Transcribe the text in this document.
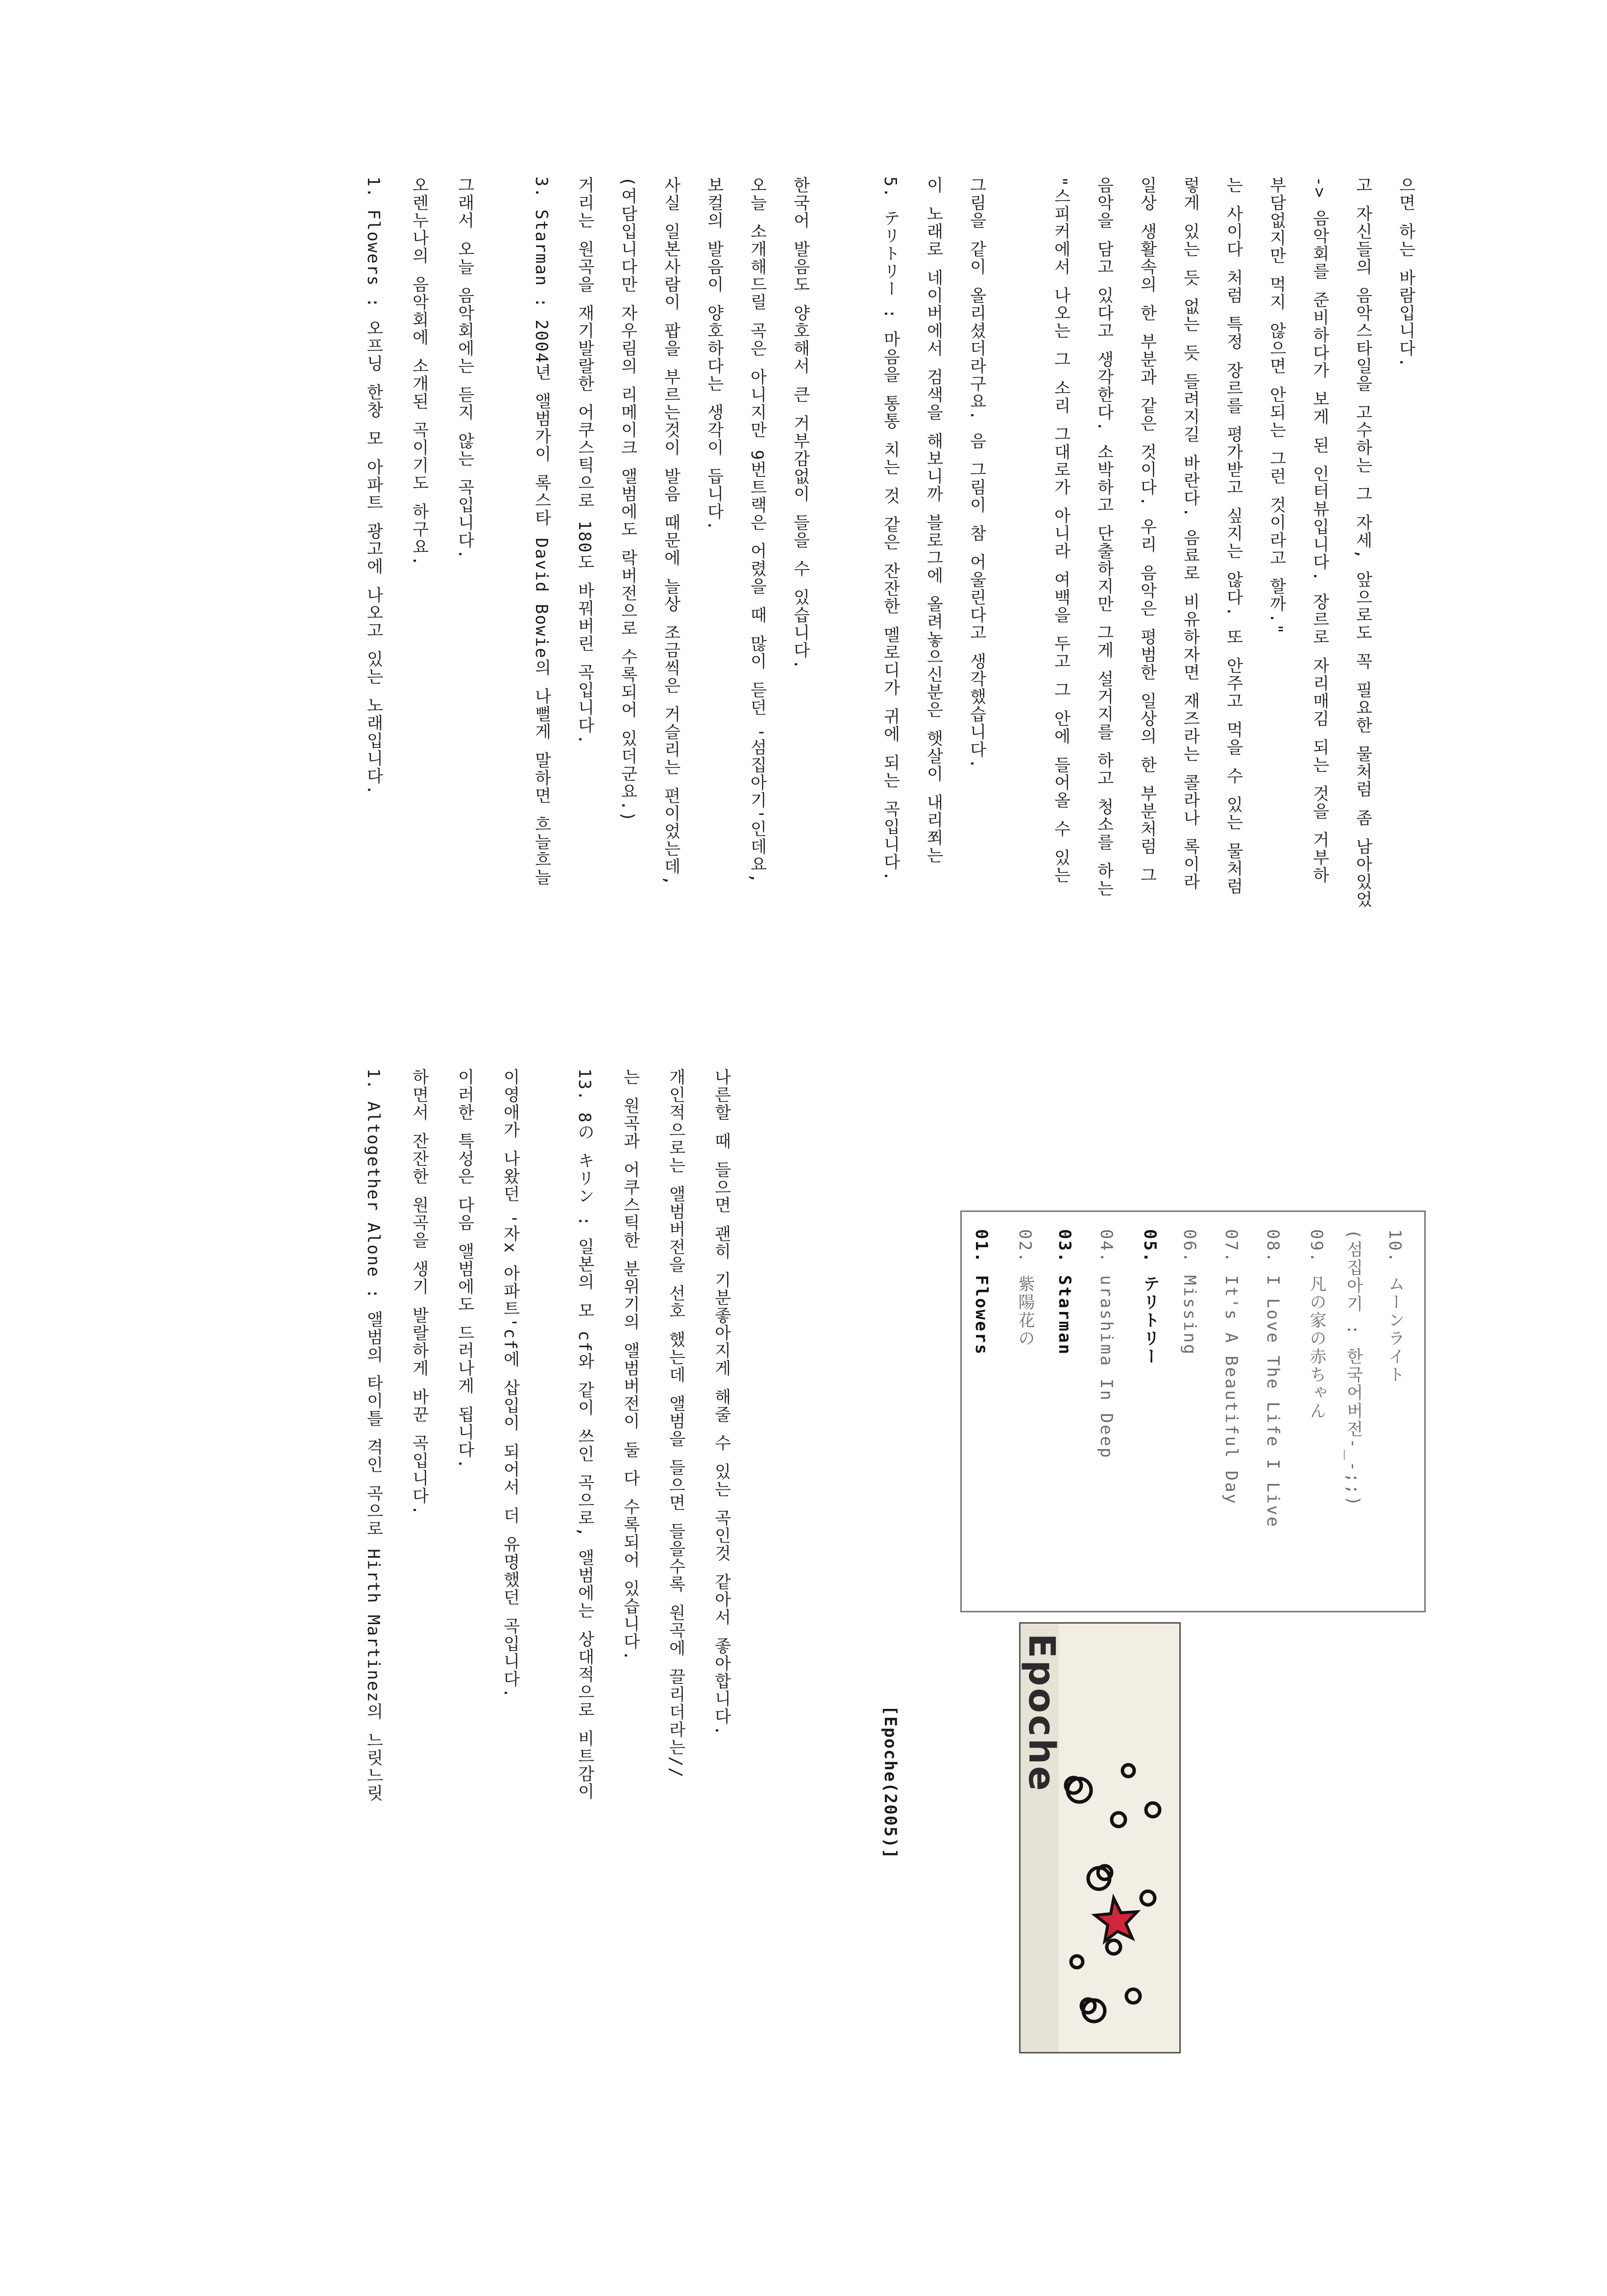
1. Altogether Alone : 앨범의 타이틀 격인 곡으로 Hirth Martinez의 느릿느릿 하면서 잔잔한 원곡을 생기 발랄하게 바꾼 곡입니다. 이러한 특성은 다음 앨범에도 드러나게 됩니다. 이영애가 나왔던 '자x 아파트'cf에 삽입이 되어서 더 유명했던 곡입니다.	13. 8の キリン : 일본의 모 cf와 같이 쓰인 곡으로, 앨범에는 상대적으로 비트감이 는 원곡과 어쿠스틱한 분위기의 앨범버전이 둘 다 수록되어 있습니다. 개인적으로는 앨범버전을 선호 했는데 앨범을 들으면 들을수록 원곡에 끌리더라는// 나른할 때 들으면 괜히 기분좋아지게 해줄 수 있는 곡인것 같아서 좋아합니다.
[Epoche(2005)]	Epoche
01. Flowers 02. 紫陽花の 03. Starman 04. urashima In Deep 05. テリトリー 06. Missing 07. It's A Beautiful Day 08. I Love The Life I Live 09. 凡の家の赤ちゃん (섬집아기 : 한국어버전-_-;;) 10. ムーンライト
1. Flowers : 오프닝 한창 모 아파트 광고에 나오고 있는 노래입니다. 오렌누나의 음악회에 소개된 곡이기도 하구요. 그래서 오늘 음악회에는 듣지 않는 곡입니다.	3. Starman : 2004년 앨범가이 록스타 David Bowie의 나뻘게 말하면 흐늘흐늘 거리는 원곡을 재기발랄한 어쿠스틱으로 180도 바꿔버린 곡입니다. (여담입니다만 자우림의 리메이크 앨범에도 락버전으로 수록되어 있더군요.) 사실 일본사람이 팝을 부르는것이 발음 때문에 늘상 조금씩은 거슬리는 편이었는데, 보컬의 발음이 양호하다는 생각이 듭니다. 오늘 소개해드릴 곡은 아니지만 9번트랙은 어렸을 때 많이 듣던 '섬집아기'인데요, 한국어 발음도 양호해서 큰 거부감없이 들을 수 있습니다.	5. テリトリー : 마음을 통통 치는 것 같은 잔잔한 멜로디가 귀에 되는 곡입니다. 이 노래로 네이버에서 검색을 해보니까 블로그에 올려놓으신분은 햇살이 내리쬐는 그림을 같이 올리셨더라구요. 음 그림이 참 어울린다고 생각했습니다.	"스피커에서 나오는 그 소리 그대로가 아니라 여백을 두고 그 안에 들어올 수 있는 음악을 담고 있다고 생각한다. 소박하고 단출하지만 그게 설거지를 하고 청소를 하는 일상 생활속의 한 부분과 같은 것이다. 우리 음악은 평범한 일상의 한 부분처럼 그 렇게 있는 듯 없는 듯 들려지길 바란다. 음료로 비유하자면 재즈라는 콜라나 록이라 는 사이다 처럼 특정 장르를 평가받고 싶지는 않다. 또 안주고 먹을 수 있는 물처럼 부담없지만 먹지 않으면 안되는 그런 것이라고 할까." -> 음악회를 준비하다가 보게 된 인터뷰입니다. 장르로 자리매김 되는 것을 거부하 고 자신들의 음악스타일을 고수하는 그 자세, 앞으로도 꼭 필요한 물처럼 좀 남아있었 으면 하는 바람입니다.
